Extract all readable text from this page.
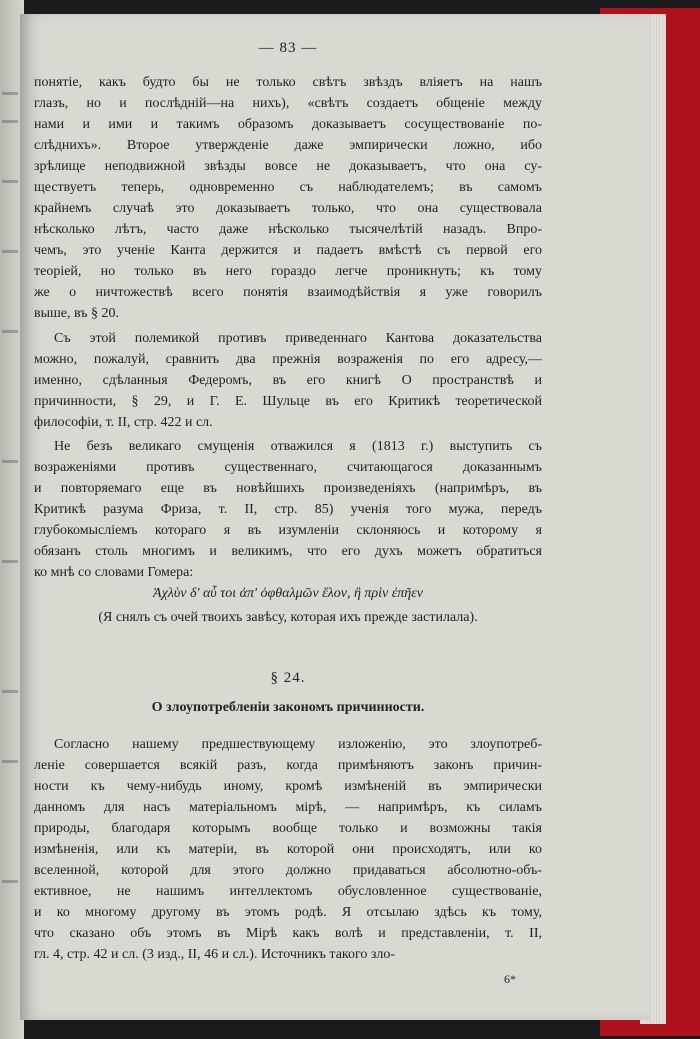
— 83 —
понятіе, какъ будто бы не только свѣтъ звѣздъ вліяетъ на нашъ
глазъ, но и послѣдній—на нихъ), «свѣтъ создаетъ общеніе между
нами и ими и такимъ образомъ доказываетъ сосуществованіе по-
слѣднихъ». Второе утвержденіе даже эмпирически ложно, ибо
зрѣлище неподвижной звѣзды вовсе не доказываетъ, что она су-
ществуетъ теперь, одновременно съ наблюдателемъ; въ самомъ
крайнемъ случаѣ это доказываетъ только, что она существовала
нѣсколько лѣтъ, часто даже нѣсколько тысячелѣтій назадъ. Впро-
чемъ, это ученіе Канта держится и падаетъ вмѣстѣ съ первой его
теоріей, но только въ него гораздо легче проникнуть; къ тому
же о ничтожествѣ всего понятія взаимодѣйствія я уже говорилъ
выше, въ § 20.
Съ этой полемикой противъ приведеннаго Кантова доказательства
можно, пожалуй, сравнить два прежнія возраженія по его адресу,—
именно, сдѣланныя Федеромъ, въ его книгѣ О пространствѣ и
причинности, § 29, и Г. Е. Шульце въ его Критикѣ теоретической
философіи, т. II, стр. 422 и сл.
Не безъ великаго смущенія отважился я (1813 г.) выступить съ
возраженіями противъ существеннаго, считающагося доказаннымъ
и повторяемаго еще въ новѣйшихъ произведеніяхъ (напримѣръ, въ
Критикѣ разума Фриза, т. II, стр. 85) ученія того мужа, передъ
глубокомысліемъ котораго я въ изумленіи склоняюсь и которому я
обязанъ столь многимъ и великимъ, что его духъ можетъ обратиться
ко мнѣ со словами Гомера:
Ἀχλὺν δ' αὖ τοι ἀπ' ὀφθαλμῶν ἕλον, ἣ πρὶν ἐπῆεν
(Я снялъ съ очей твоихъ завѣсу, которая ихъ прежде застилала).
§ 24.
О злоупотребленіи закономъ причинности.
Согласно нашему предшествующему изложенію, это злоупотреб-
леніе совершается всякій разъ, когда примѣняютъ законъ причин-
ности къ чему-нибудь иному, кромѣ измѣненій въ эмпирически
данномъ для насъ матеріальномъ мірѣ, — напримѣръ, къ силамъ
природы, благодаря которымъ вообще только и возможны такія
измѣненія, или къ матеріи, въ которой они происходятъ, или ко
вселенной, которой для этого должно придаваться абсолютно-объ-
ективное, не нашимъ интеллектомъ обусловленное существованіе,
и ко многому другому въ этомъ родѣ. Я отсылаю здѣсь къ тому,
что сказано объ этомъ въ Мірѣ какъ волѣ и представленіи, т. II,
гл. 4, стр. 42 и сл. (3 изд., II, 46 и сл.). Источникъ такого зло-
6*
